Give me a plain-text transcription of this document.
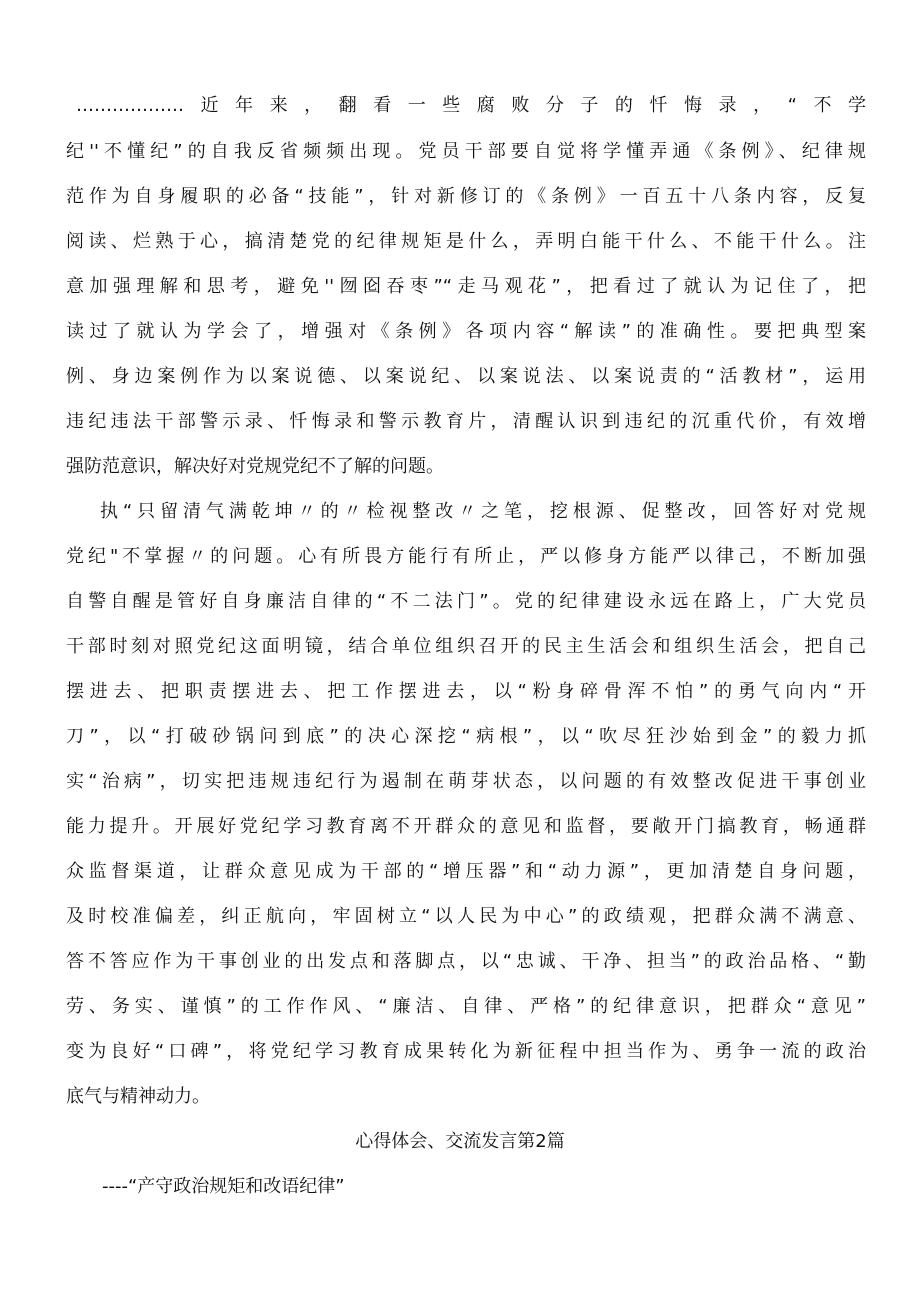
………………近年来，翻看一些腐败分子的忏悔录，“不学
纪''不懂纪”的自我反省频频出现。党员干部要自觉将学懂弄通《条例》、纪律规
范作为自身履职的必备“技能”，针对新修订的《条例》一百五十八条内容，反复
阅读、烂熟于心，搞清楚党的纪律规矩是什么，弄明白能干什么、不能干什么。注
意加强理解和思考，避免''囫囵吞枣”“走马观花”，把看过了就认为记住了，把
读过了就认为学会了，增强对《条例》各项内容“解读”的准确性。要把典型案
例、身边案例作为以案说德、以案说纪、以案说法、以案说责的“活教材”，运用
违纪违法干部警示录、忏悔录和警示教育片，清醒认识到违纪的沉重代价，有效增
强防范意识，解决好对党规党纪不了解的问题。
执“只留清气满乾坤〃的〃检视整改〃之笔，挖根源、促整改，回答好对党规
党纪"不掌握〃的问题。心有所畏方能行有所止，严以修身方能严以律己，不断加强
自警自醒是管好自身廉洁自律的“不二法门”。党的纪律建设永远在路上，广大党员
干部时刻对照党纪这面明镜，结合单位组织召开的民主生活会和组织生活会，把自己
摆进去、把职责摆进去、把工作摆进去，以“粉身碎骨浑不怕”的勇气向内“开
刀”，以“打破砂锅问到底”的决心深挖“病根”，以“吹尽狂沙始到金”的毅力抓
实“治病”，切实把违规违纪行为遏制在萌芽状态，以问题的有效整改促进干事创业
能力提升。开展好党纪学习教育离不开群众的意见和监督，要敞开门搞教育，畅通群
众监督渠道，让群众意见成为干部的“增压器”和“动力源”，更加清楚自身问题，
及时校准偏差，纠正航向，牢固树立“以人民为中心”的政绩观，把群众满不满意、
答不答应作为干事创业的出发点和落脚点，以“忠诚、干净、担当”的政治品格、“勤
劳、务实、谨慎”的工作作风、“廉洁、自律、严格”的纪律意识，把群众“意见”
变为良好“口碑”，将党纪学习教育成果转化为新征程中担当作为、勇争一流的政治
底气与精神动力。
心得体会、交流发言第2篇
----“产守政治规矩和改语纪律”
